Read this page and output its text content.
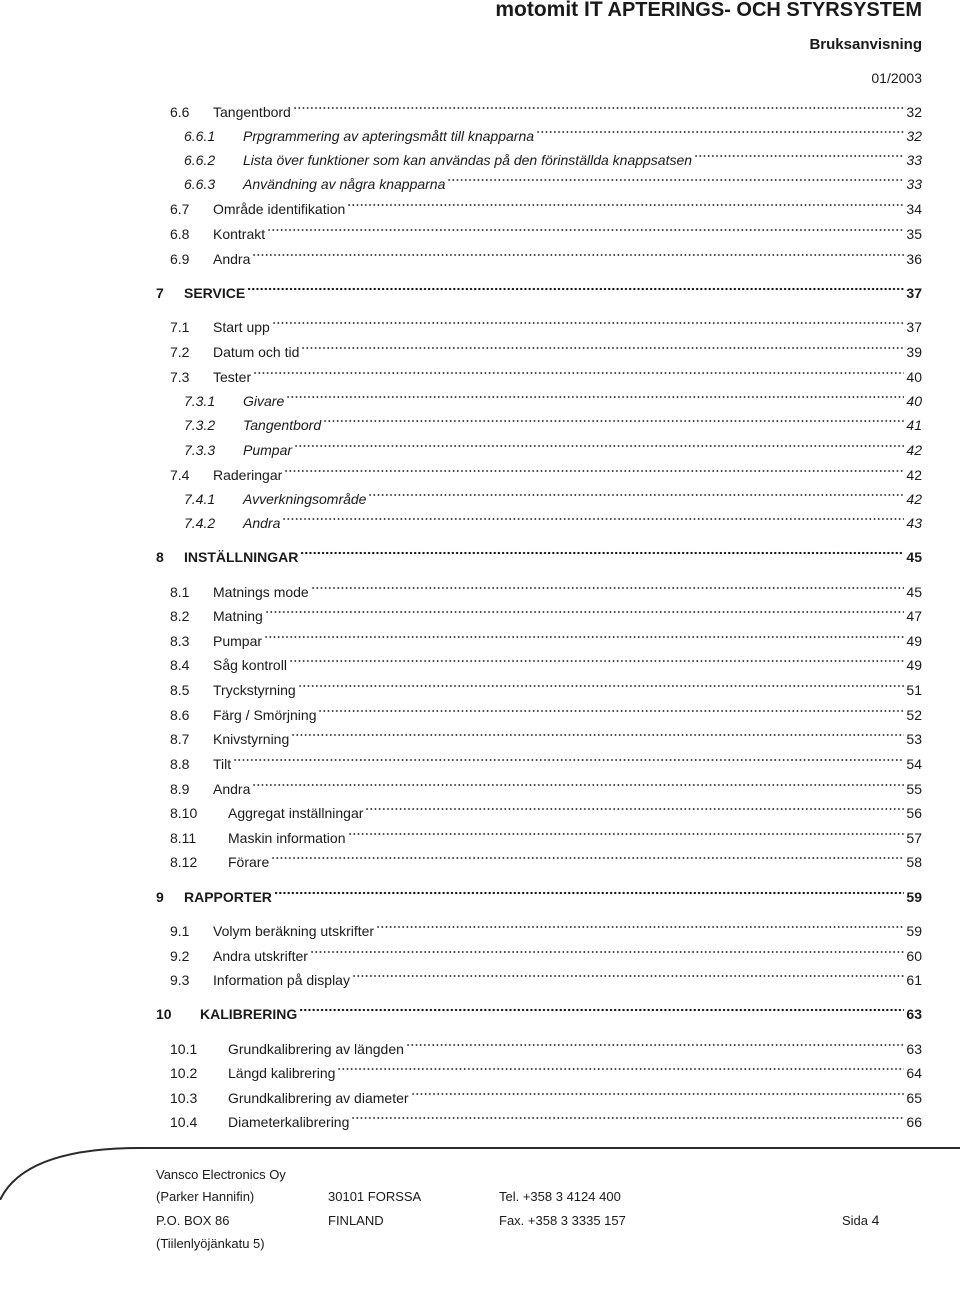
motomit IT APTERINGS- OCH STYRSYSTEM
Bruksanvisning
01/2003
6.6 Tangentbord	32
6.6.1 Prpgrammering av apteringsmått till knapparna	32
6.6.2 Lista över funktioner som kan användas på den förinställda knappsatsen	33
6.6.3 Användning av några knapparna	33
6.7 Område identifikation	34
6.8 Kontrakt	35
6.9 Andra	36
7 SERVICE	37
7.1 Start upp	37
7.2 Datum och tid	39
7.3 Tester	40
7.3.1 Givare	40
7.3.2 Tangentbord	41
7.3.3 Pumpar	42
7.4 Raderingar	42
7.4.1 Avverkningsområde	42
7.4.2 Andra	43
8 INSTÄLLNINGAR	45
8.1 Matnings mode	45
8.2 Matning	47
8.3 Pumpar	49
8.4 Såg kontroll	49
8.5 Tryckstyrning	51
8.6 Färg / Smörjning	52
8.7 Knivstyrning	53
8.8 Tilt	54
8.9 Andra	55
8.10 Aggregat inställningar	56
8.11 Maskin information	57
8.12 Förare	58
9 RAPPORTER	59
9.1 Volym beräkning utskrifter	59
9.2 Andra utskrifter	60
9.3 Information på display	61
10 KALIBRERING	63
10.1 Grundkalibrering av längden	63
10.2 Längd kalibrering	64
10.3 Grundkalibrering av diameter	65
10.4 Diameterkalibrering	66
Vansco Electronics Oy
(Parker Hannifin)	30101 FORSSA	Tel. +358 3 4124 400
P.O. BOX 86	FINLAND	Fax. +358 3 3335 157	Sida 4
(Tiilenlyöjänkatu 5)
